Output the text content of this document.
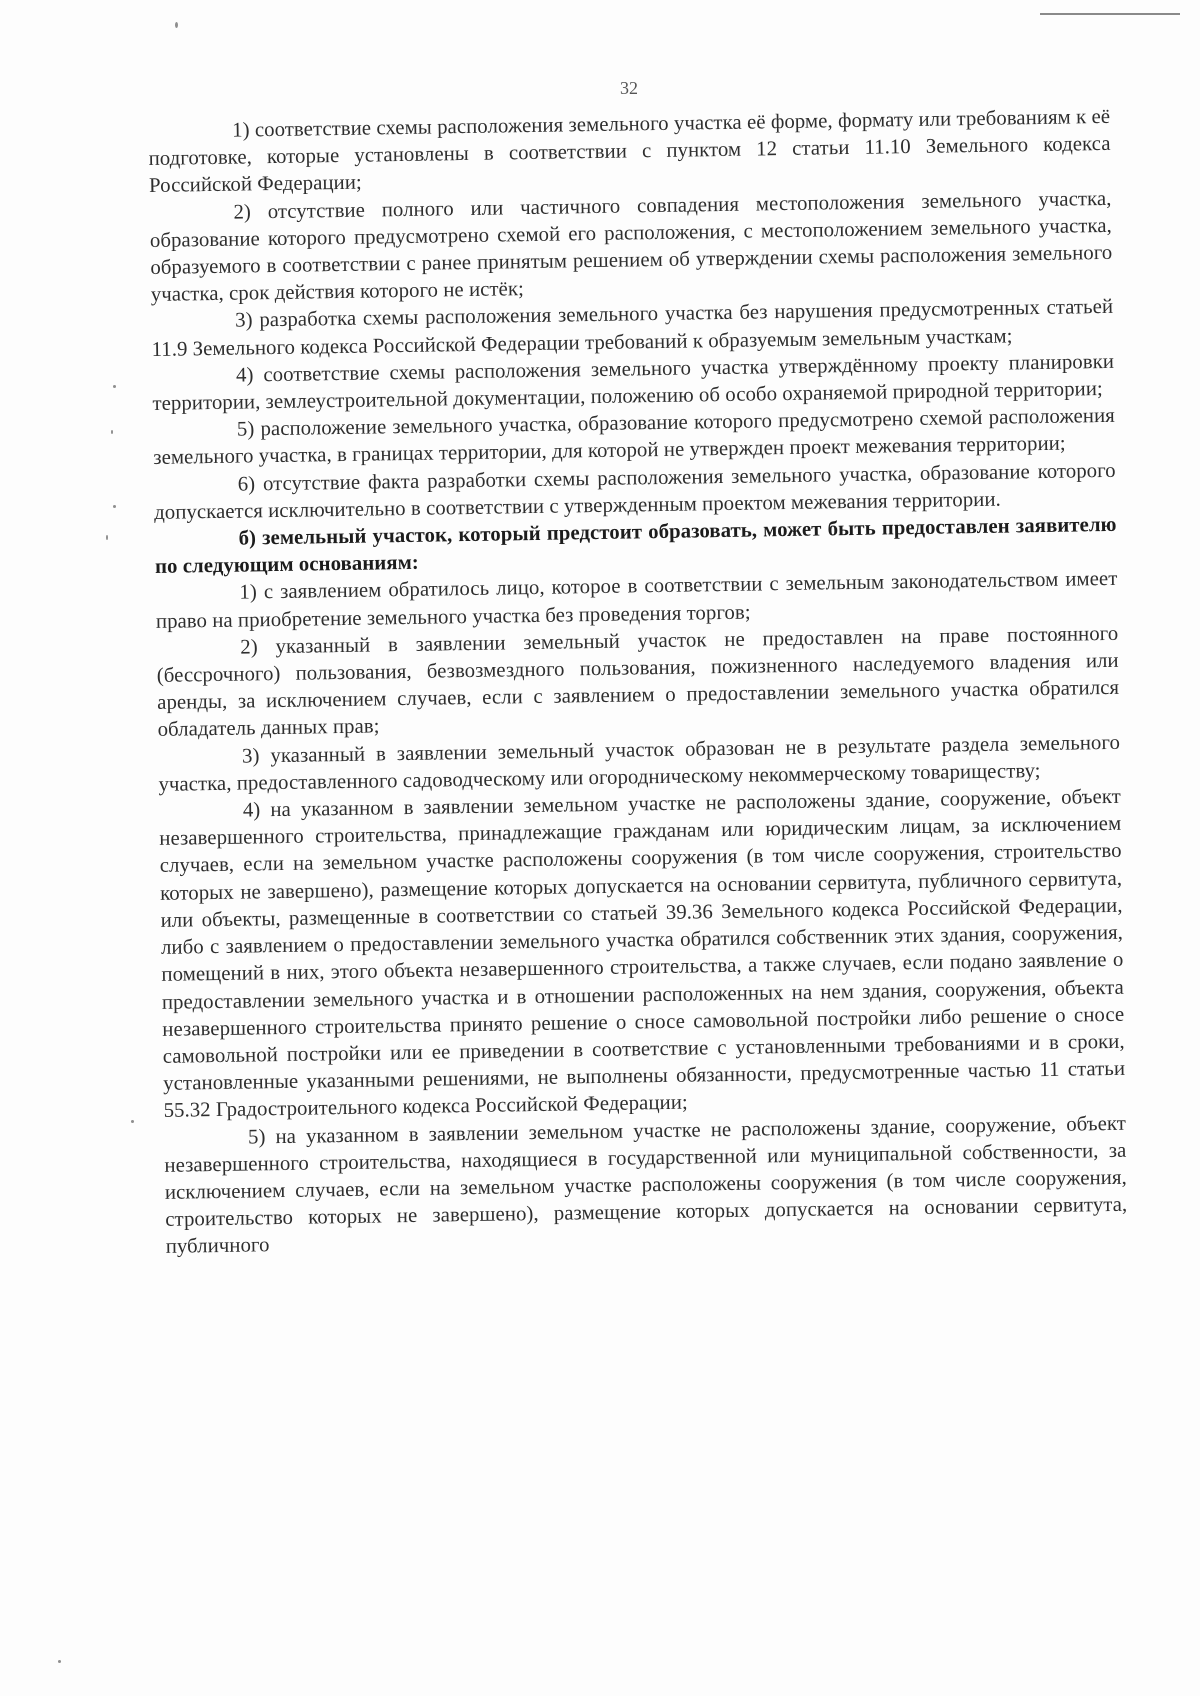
32

1) соответствие схемы расположения земельного участка её форме, формату или требованиям к её подготовке, которые установлены в соответствии с пунктом 12 статьи 11.10 Земельного кодекса Российской Федерации;

2) отсутствие полного или частичного совпадения местоположения земельного участка, образование которого предусмотрено схемой его расположения, с местоположением земельного участка, образуемого в соответствии с ранее принятым решением об утверждении схемы расположения земельного участка, срок действия которого не истёк;

3) разработка схемы расположения земельного участка без нарушения предусмотренных статьей 11.9 Земельного кодекса Российской Федерации требований к образуемым земельным участкам;

4) соответствие схемы расположения земельного участка утверждённому проекту планировки территории, землеустроительной документации, положению об особо охраняемой природной территории;

5) расположение земельного участка, образование которого предусмотрено схемой расположения земельного участка, в границах территории, для которой не утвержден проект межевания территории;

6) отсутствие факта разработки схемы расположения земельного участка, образование которого допускается исключительно в соответствии с утвержденным проектом межевания территории.

б) земельный участок, который предстоит образовать, может быть предоставлен заявителю по следующим основаниям:

1) с заявлением обратилось лицо, которое в соответствии с земельным законодательством имеет право на приобретение земельного участка без проведения торгов;

2) указанный в заявлении земельный участок не предоставлен на праве постоянного (бессрочного) пользования, безвозмездного пользования, пожизненного наследуемого владения или аренды, за исключением случаев, если с заявлением о предоставлении земельного участка обратился обладатель данных прав;

3) указанный в заявлении земельный участок образован не в результате раздела земельного участка, предоставленного садоводческому или огородническому некоммерческому товариществу;

4) на указанном в заявлении земельном участке не расположены здание, сооружение, объект незавершенного строительства, принадлежащие гражданам или юридическим лицам, за исключением случаев, если на земельном участке расположены сооружения (в том числе сооружения, строительство которых не завершено), размещение которых допускается на основании сервитута, публичного сервитута, или объекты, размещенные в соответствии со статьей 39.36 Земельного кодекса Российской Федерации, либо с заявлением о предоставлении земельного участка обратился собственник этих здания, сооружения, помещений в них, этого объекта незавершенного строительства, а также случаев, если подано заявление о предоставлении земельного участка и в отношении расположенных на нем здания, сооружения, объекта незавершенного строительства принято решение о сносе самовольной постройки либо решение о сносе самовольной постройки или ее приведении в соответствие с установленными требованиями и в сроки, установленные указанными решениями, не выполнены обязанности, предусмотренные частью 11 статьи 55.32 Градостроительного кодекса Российской Федерации;

5) на указанном в заявлении земельном участке не расположены здание, сооружение, объект незавершенного строительства, находящиеся в государственной или муниципальной собственности, за исключением случаев, если на земельном участке расположены сооружения (в том числе сооружения, строительство которых не завершено), размещение которых допускается на основании сервитута, публичного
